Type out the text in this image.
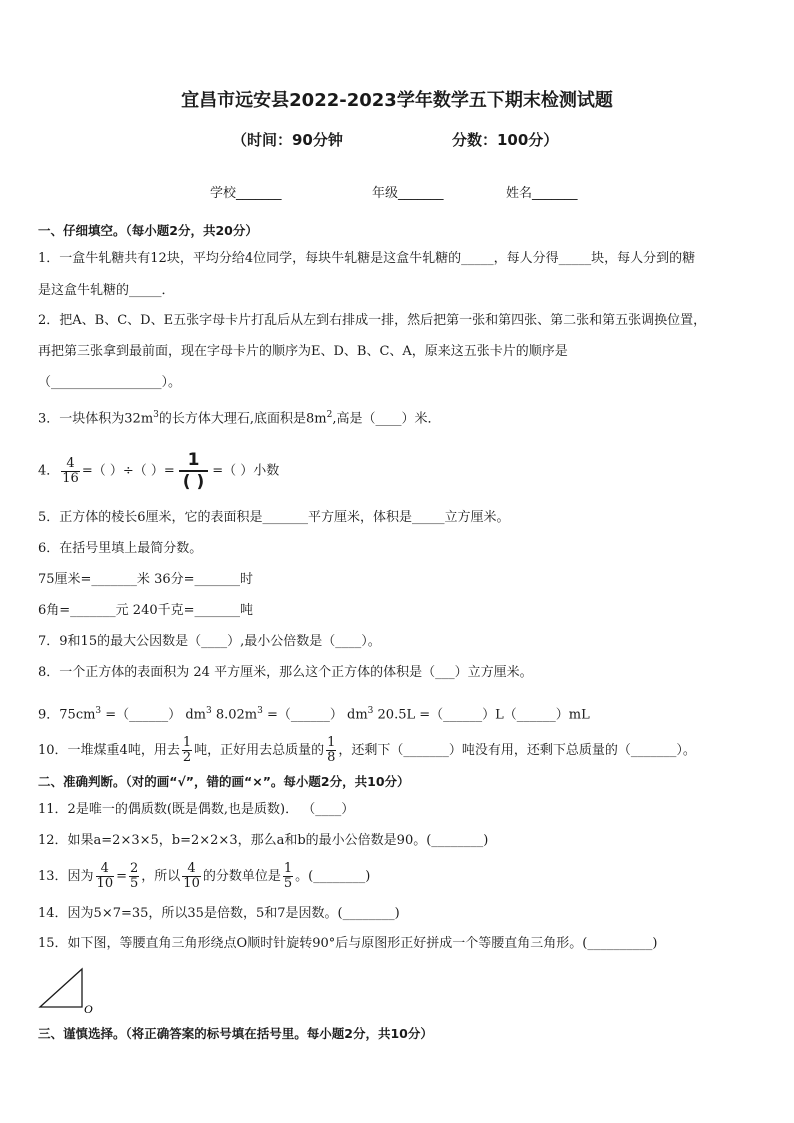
宜昌市远安县2022-2023学年数学五下期末检测试题
（时间：90分钟	分数：100分）
学校_______	年级_______	姓名_______
一、仔细填空。（每小题2分，共20分）
1．一盒牛轧糖共有12块，平均分给4位同学，每块牛轧糖是这盒牛轧糖的_____，每人分得_____块，每人分到的糖
是这盒牛轧糖的_____．
2．把A、B、C、D、E五张字母卡片打乱后从左到右排成一排，然后把第一张和第四张、第二张和第五张调换位置，
再把第三张拿到最前面，现在字母卡片的顺序为E、D、B、C、A，原来这五张卡片的顺序是
（_________________）。
3．一块体积为$32m^3$的长方体大理石,底面积是$8m^2$,高是（____）米．
4． $\frac{4}{16}$ =（ ）÷（ ）= $\frac{1}{( )}$ =（ ）小数
5．正方体的棱长6厘米，它的表面积是_______平方厘米，体积是_____立方厘米。
6．在括号里填上最简分数。
75厘米=_______米 36分=_______时
6角=_______元 240千克=_______吨
7．9和15的最大公因数是（____）,最小公倍数是（____）。
8．一个正方体的表面积为 24 平方厘米，那么这个正方体的体积是（___）立方厘米。
9．$75cm^3$ =（______） $dm^3$ $8.02m^3$ =（______） $dm^3$ 20.5L =（______）L（______）mL
10．一堆煤重4吨，用去 $\frac{1}{2}$ 吨，正好用去总质量的 $\frac{1}{8}$ ，还剩下（_______）吨没有用，还剩下总质量的（_______）。
二、准确判断。（对的画“√”，错的画“×”。每小题2分，共10分）
11．2是唯一的偶质数(既是偶数,也是质数)． （____）
12．如果a=2×3×5，b=2×2×3，那么a和b的最小公倍数是90。(________)
13．因为 $\frac{4}{10} = \frac{2}{5}$ ，所以 $\frac{4}{10}$ 的分数单位是 $\frac{1}{5}$ 。(________)
14．因为5×7=35，所以35是倍数，5和7是因数。(________)
15．如下图，等腰直角三角形绕点O顺时针旋转90°后与原图形正好拼成一个等腰直角三角形。(__________)
O
三、谨慎选择。（将正确答案的标号填在括号里。每小题2分，共10分）
